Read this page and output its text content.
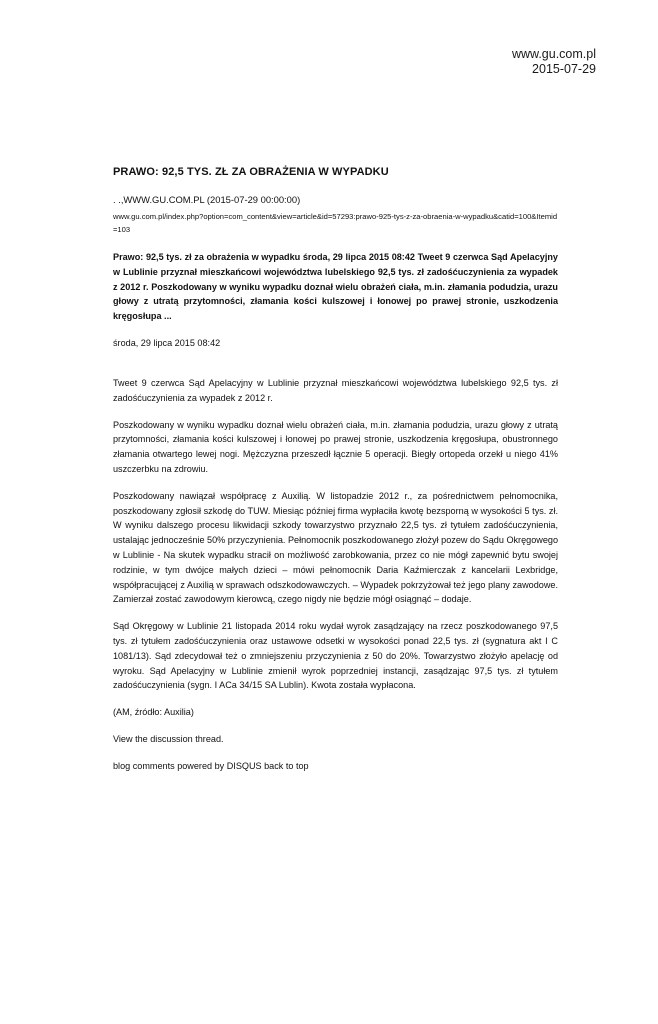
www.gu.com.pl
2015-07-29
PRAWO: 92,5 TYS. ZŁ ZA OBRAŻENIA W WYPADKU
. .,WWW.GU.COM.PL (2015-07-29 00:00:00)
www.gu.com.pl/index.php?option=com_content&view=article&id=57293:prawo-925-tys-z-za-obraenia-w-wypadku&catid=100&Itemid=103
Prawo: 92,5 tys. zł za obrażenia w wypadku środa, 29 lipca 2015 08:42 Tweet 9 czerwca Sąd Apelacyjny w Lublinie przyznał mieszkańcowi województwa lubelskiego 92,5 tys. zł zadośćuczynienia za wypadek z 2012 r. Poszkodowany w wyniku wypadku doznał wielu obrażeń ciała, m.in. złamania podudzia, urazu głowy z utratą przytomności, złamania kości kulszowej i łonowej po prawej stronie, uszkodzenia kręgosłupa ...
środa, 29 lipca 2015 08:42

Tweet 9 czerwca Sąd Apelacyjny w Lublinie przyznał mieszkańcowi województwa lubelskiego 92,5 tys. zł zadośćuczynienia za wypadek z 2012 r.

Poszkodowany w wyniku wypadku doznał wielu obrażeń ciała, m.in. złamania podudzia, urazu głowy z utratą przytomności, złamania kości kulszowej i łonowej po prawej stronie, uszkodzenia kręgosłupa, obustronnego złamania otwartego lewej nogi. Mężczyzna przeszedł łącznie 5 operacji. Biegły ortopeda orzekł u niego 41% uszczerbku na zdrowiu.

Poszkodowany nawiązał współpracę z Auxilią. W listopadzie 2012 r., za pośrednictwem pełnomocnika, poszkodowany zgłosił szkodę do TUW. Miesiąc później firma wypłaciła kwotę bezsporną w wysokości 5 tys. zł. W wyniku dalszego procesu likwidacji szkody towarzystwo przyznało 22,5 tys. zł tytułem zadośćuczynienia, ustalając jednocześnie 50% przyczynienia. Pełnomocnik poszkodowanego złożył pozew do Sądu Okręgowego w Lublinie - Na skutek wypadku stracił on możliwość zarobkowania, przez co nie mógł zapewnić bytu swojej rodzinie, w tym dwójce małych dzieci – mówi pełnomocnik Daria Kaźmierczak z kancelarii Lexbridge, współpracującej z Auxilią w sprawach odszkodowawczych. – Wypadek pokrzyżował też jego plany zawodowe. Zamierzał zostać zawodowym kierowcą, czego nigdy nie będzie mógł osiągnąć – dodaje.

Sąd Okręgowy w Lublinie 21 listopada 2014 roku wydał wyrok zasądzający na rzecz poszkodowanego 97,5 tys. zł tytułem zadośćuczynienia oraz ustawowe odsetki w wysokości ponad 22,5 tys. zł (sygnatura akt I C 1081/13). Sąd zdecydował też o zmniejszeniu przyczynienia z 50 do 20%. Towarzystwo złożyło apelację od wyroku. Sąd Apelacyjny w Lublinie zmienił wyrok poprzedniej instancji, zasądzając 97,5 tys. zł tytułem zadośćuczynienia (sygn. I ACa 34/15 SA Lublin). Kwota została wypłacona.

(AM, źródło: Auxilia)

View the discussion thread.

blog comments powered by DISQUS back to top
